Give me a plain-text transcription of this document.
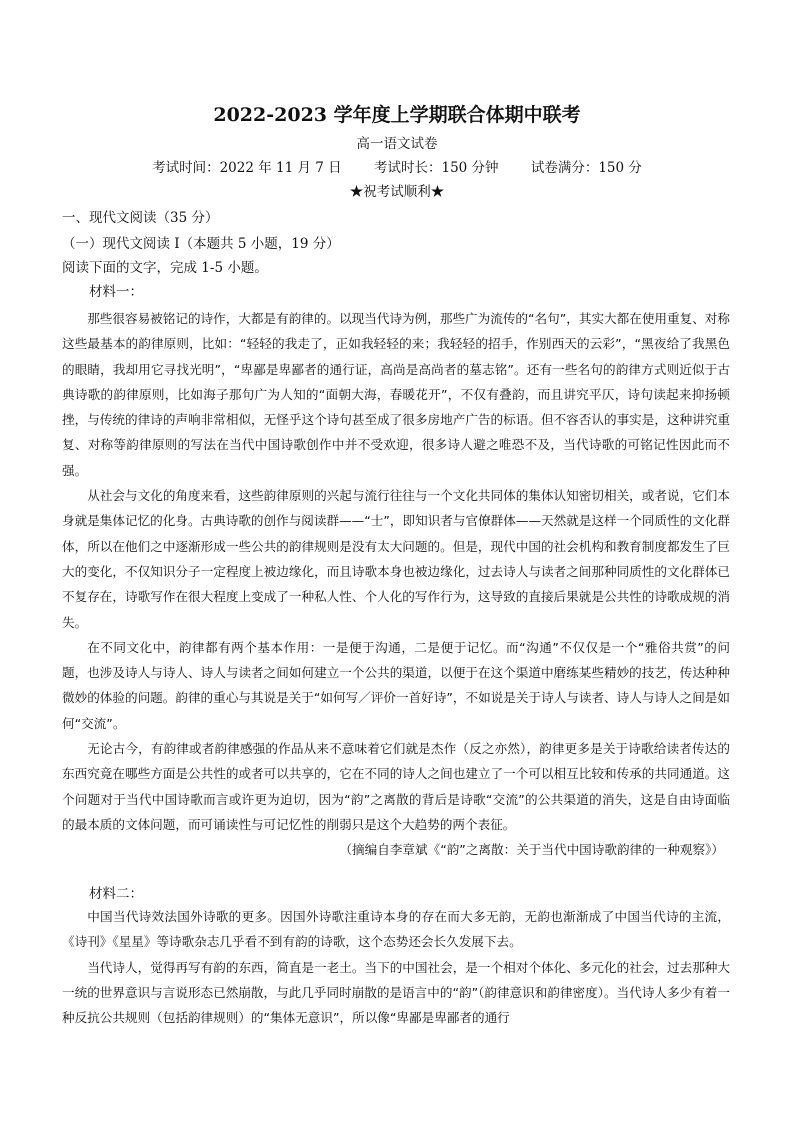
2022-2023 学年度上学期联合体期中联考
高一语文试卷
考试时间：2022 年 11 月 7 日 考试时长：150 分钟 试卷满分：150 分
★祝考试顺利★
一、现代文阅读（35 分）
（一）现代文阅读 I（本题共 5 小题，19 分）
阅读下面的文字，完成 1-5 小题。
材料一：

那些很容易被铭记的诗作，大都是有韵律的。以现当代诗为例，那些广为流传的“名句”，其实大都在使用重复、对称这些最基本的韵律原则，比如：“轻轻的我走了，正如我轻轻的来；我轻轻的招手，作别西天的云彩”，“黑夜给了我黑色的眼睛，我却用它寻找光明”，“卑鄙是卑鄙者的通行证，高尚是高尚者的墓志铭”。还有一些名句的韵律方式则近似于古典诗歌的韵律原则，比如海子那句广为人知的“面朝大海，春暖花开”，不仅有叠韵，而且讲究平仄，诗句读起来抑扬顿挫，与传统的律诗的声响非常相似，无怪乎这个诗句甚至成了很多房地产广告的标语。但不容否认的事实是，这种讲究重复、对称等韵律原则的写法在当代中国诗歌创作中并不受欢迎，很多诗人避之唯恐不及，当代诗歌的可铭记性因此而不强。

从社会与文化的角度来看，这些韵律原则的兴起与流行往往与一个文化共同体的集体认知密切相关，或者说，它们本身就是集体记忆的化身。古典诗歌的创作与阅读群——“士”，即知识者与官僚群体——天然就是这样一个同质性的文化群体，所以在他们之中逐渐形成一些公共的韵律规则是没有太大问题的。但是，现代中国的社会机构和教育制度都发生了巨大的变化，不仅知识分子一定程度上被边缘化，而且诗歌本身也被边缘化，过去诗人与读者之间那种同质性的文化群体已不复存在，诗歌写作在很大程度上变成了一种私人性、个人化的写作行为，这导致的直接后果就是公共性的诗歌成规的消失。

在不同文化中，韵律都有两个基本作用：一是便于沟通，二是便于记忆。而“沟通”不仅仅是一个“雅俗共赏”的问题，也涉及诗人与诗人、诗人与读者之间如何建立一个公共的渠道，以便于在这个渠道中磨练某些精妙的技艺，传达种种微妙的体验的问题。韵律的重心与其说是关于“如何写／评价一首好诗”，不如说是关于诗人与读者、诗人与诗人之间是如何“交流”。

无论古今，有韵律或者韵律感强的作品从来不意味着它们就是杰作（反之亦然），韵律更多是关于诗歌给读者传达的东西究竟在哪些方面是公共性的或者可以共享的，它在不同的诗人之间也建立了一个可以相互比较和传承的共同通道。这个问题对于当代中国诗歌而言或许更为迫切，因为“韵”之离散的背后是诗歌“交流”的公共渠道的消失，这是自由诗面临的最本质的文体问题，而可诵读性与可记忆性的削弱只是这个大趋势的两个表征。

（摘编自李章斌《“韵”之离散：关于当代中国诗歌韵律的一种观察》）

材料二：

中国当代诗效法国外诗歌的更多。因国外诗歌注重诗本身的存在而大多无韵，无韵也渐渐成了中国当代诗的主流，《诗刊》《星星》等诗歌杂志几乎看不到有韵的诗歌，这个态势还会长久发展下去。

当代诗人，觉得再写有韵的东西，简直是一老土。当下的中国社会，是一个相对个体化、多元化的社会，过去那种大一统的世界意识与言说形态已然崩散，与此几乎同时崩散的是语言中的“韵”（韵律意识和韵律密度）。当代诗人多少有着一种反抗公共规则（包括韵律规则）的“集体无意识”，所以像“卑鄙是卑鄙者的通行
